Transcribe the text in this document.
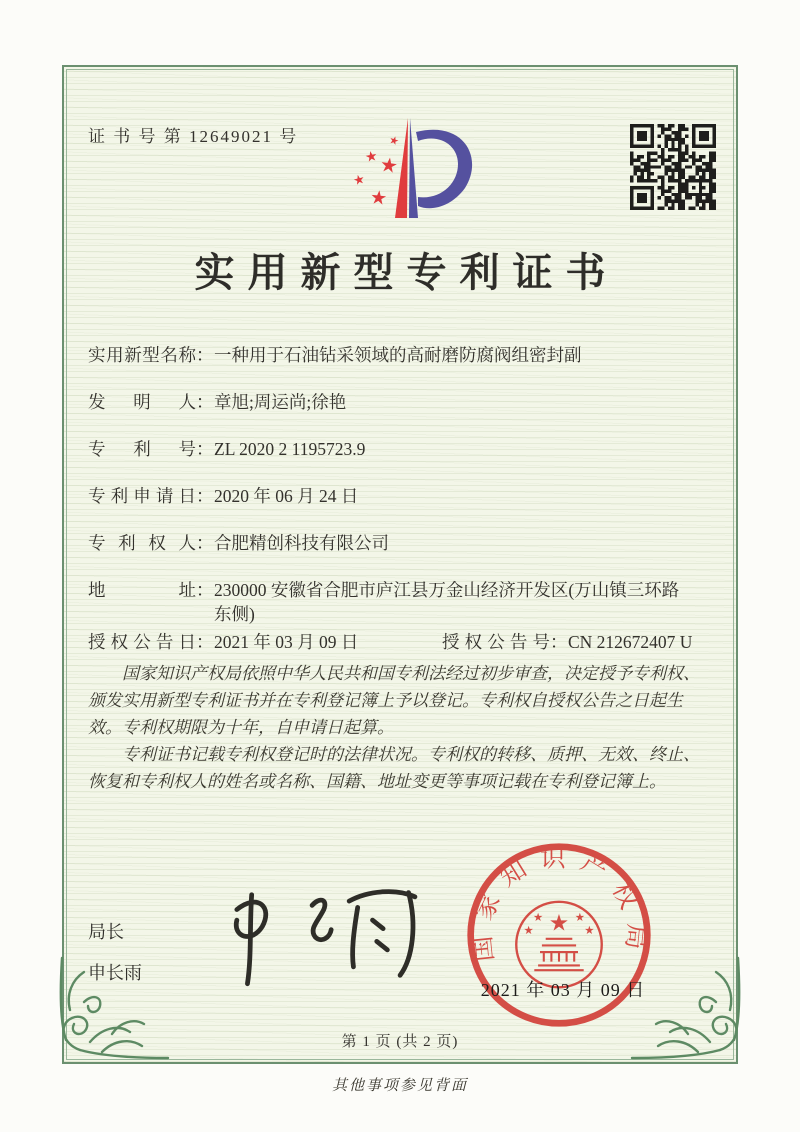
证 书 号 第 12649021 号	★
★ ★
★
★
实用新型专利证书
实用新型名称 ： 一种用于石油钻采领域的高耐磨防腐阀组密封副
发明人 ： 章旭;周运尚;徐艳
专利号 ： ZL 2020 2 1195723.9
专利申请日 ： 2020 年 06 月 24 日
专利权人 ： 合肥精创科技有限公司
地址 ： 230000 安徽省合肥市庐江县万金山经济开发区(万山镇三环路东侧)
授权公告日 ： 2021 年 03 月 09 日	授权公告号 ： CN 212672407 U

国家知识产权局依照中华人民共和国专利法经过初步审查，决定授予专利权、颁发实用新型专利证书并在专利登记簿上予以登记。专利权自授权公告之日起生效。专利权期限为十年，自申请日起算。

专利证书记载专利权登记时的法律状况。专利权的转移、质押、无效、终止、恢复和专利权人的姓名或名称、国籍、地址变更等事项记载在专利登记簿上。

局长
申长雨
国家知识产权局
★
★	★
★	★
2021 年 03 月 09 日
第 1 页 (共 2 页)
其他事项参见背面
